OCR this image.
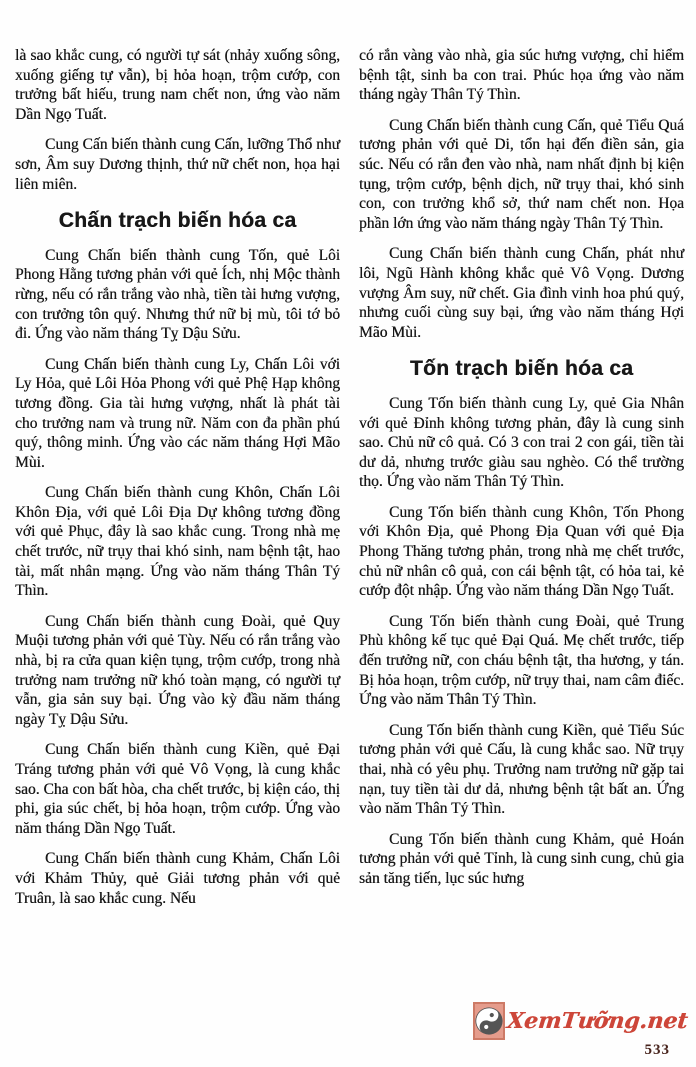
là sao khắc cung, có người tự sát (nhảy xuống sông, xuống giếng tự vẫn), bị hỏa hoạn, trộm cướp, con trưởng bất hiếu, trung nam chết non, ứng vào năm Dần Ngọ Tuất.

Cung Cấn biến thành cung Cấn, lưỡng Thổ như sơn, Âm suy Dương thịnh, thứ nữ chết non, họa hại liên miên.

Chấn trạch biến hóa ca

Cung Chấn biến thành cung Tốn, quẻ Lôi Phong Hằng tương phản với quẻ Ích, nhị Mộc thành rừng, nếu có rắn trắng vào nhà, tiền tài hưng vượng, con trưởng tôn quý. Nhưng thứ nữ bị mù, tôi tớ bỏ đi. Ứng vào năm tháng Tỵ Dậu Sửu.

Cung Chấn biến thành cung Ly, Chấn Lôi với Ly Hỏa, quẻ Lôi Hỏa Phong với quẻ Phệ Hạp không tương đồng. Gia tài hưng vượng, nhất là phát tài cho trưởng nam và trung nữ. Năm con đa phần phú quý, thông minh. Ứng vào các năm tháng Hợi Mão Mùi.

Cung Chấn biến thành cung Khôn, Chấn Lôi Khôn Địa, với quẻ Lôi Địa Dự không tương đồng với quẻ Phục, đây là sao khắc cung. Trong nhà mẹ chết trước, nữ trụy thai khó sinh, nam bệnh tật, hao tài, mất nhân mạng. Ứng vào năm tháng Thân Tý Thìn.

Cung Chấn biến thành cung Đoài, quẻ Quy Muội tương phản với quẻ Tùy. Nếu có rắn trắng vào nhà, bị ra cửa quan kiện tụng, trộm cướp, trong nhà trưởng nam trưởng nữ khó toàn mạng, có người tự vẫn, gia sản suy bại. Ứng vào kỳ đầu năm tháng ngày Tỵ Dậu Sửu.

Cung Chấn biến thành cung Kiền, quẻ Đại Tráng tương phản với quẻ Vô Vọng, là cung khắc sao. Cha con bất hòa, cha chết trước, bị kiện cáo, thị phi, gia súc chết, bị hỏa hoạn, trộm cướp. Ứng vào năm tháng Dần Ngọ Tuất.

Cung Chấn biến thành cung Khảm, Chấn Lôi với Khảm Thủy, quẻ Giải tương phản với quẻ Truân, là sao khắc cung. Nếu

có rắn vàng vào nhà, gia súc hưng vượng, chỉ hiểm bệnh tật, sinh ba con trai. Phúc họa ứng vào năm tháng ngày Thân Tý Thìn.

Cung Chấn biến thành cung Cấn, quẻ Tiểu Quá tương phản với quẻ Di, tổn hại đến điền sản, gia súc. Nếu có rắn đen vào nhà, nam nhất định bị kiện tụng, trộm cướp, bệnh dịch, nữ trụy thai, khó sinh con, con trưởng khổ sở, thứ nam chết non. Họa phần lớn ứng vào năm tháng ngày Thân Tý Thìn.

Cung Chấn biến thành cung Chấn, phát như lôi, Ngũ Hành không khắc quẻ Vô Vọng. Dương vượng Âm suy, nữ chết. Gia đình vinh hoa phú quý, nhưng cuối cùng suy bại, ứng vào năm tháng Hợi Mão Mùi.

Tốn trạch biến hóa ca

Cung Tốn biến thành cung Ly, quẻ Gia Nhân với quẻ Đỉnh không tương phản, đây là cung sinh sao. Chủ nữ cô quả. Có 3 con trai 2 con gái, tiền tài dư dả, nhưng trước giàu sau nghèo. Có thể trường thọ. Ứng vào năm Thân Tý Thìn.

Cung Tốn biến thành cung Khôn, Tốn Phong với Khôn Địa, quẻ Phong Địa Quan với quẻ Địa Phong Thăng tương phản, trong nhà mẹ chết trước, chủ nữ nhân cô quả, con cái bệnh tật, có hỏa tai, kẻ cướp đột nhập. Ứng vào năm tháng Dần Ngọ Tuất.

Cung Tốn biến thành cung Đoài, quẻ Trung Phù không kế tục quẻ Đại Quá. Mẹ chết trước, tiếp đến trưởng nữ, con cháu bệnh tật, tha hương, y tán. Bị hỏa hoạn, trộm cướp, nữ trụy thai, nam câm điếc. Ứng vào năm Thân Tý Thìn.

Cung Tốn biến thành cung Kiền, quẻ Tiểu Súc tương phản với quẻ Cấu, là cung khắc sao. Nữ trụy thai, nhà có yêu phụ. Trưởng nam trưởng nữ gặp tai nạn, tuy tiền tài dư dả, nhưng bệnh tật bất an. Ứng vào năm Thân Tý Thìn.

Cung Tốn biến thành cung Khảm, quẻ Hoán tương phản với quẻ Tỉnh, là cung sinh cung, chủ gia sản tăng tiến, lục súc hưng

XemTưỡng.net
533
